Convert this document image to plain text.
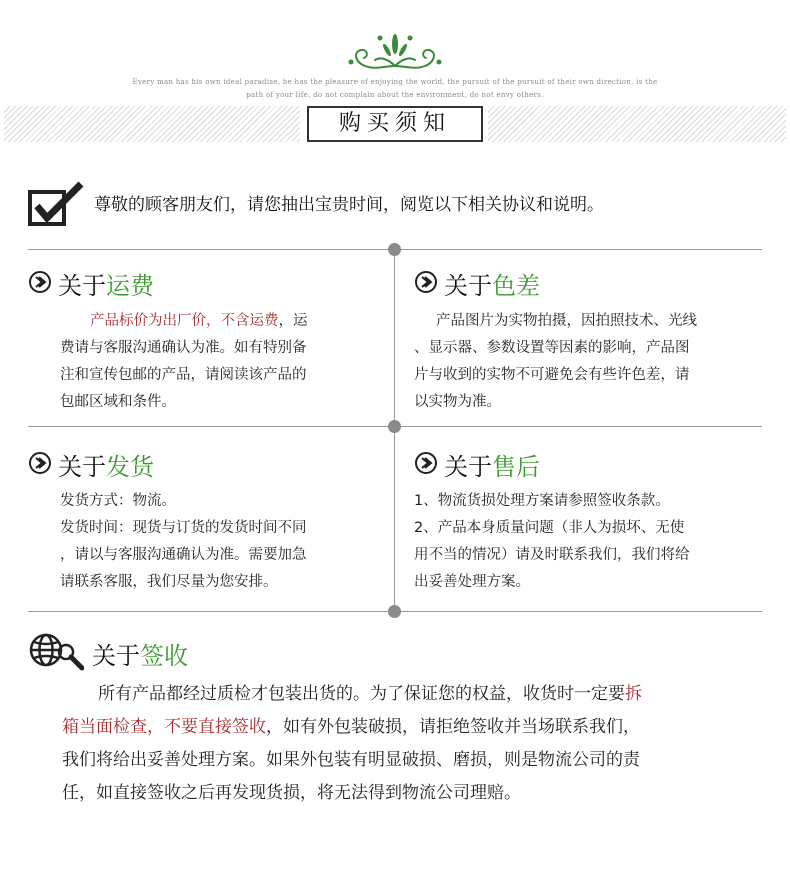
Every man has his own ideal paradise, he has the pleasure of enjoying the world, the pursuit of the pursuit of their own direction, is the
path of your life, do not complain about the environment, do not envy others.
购买须知
尊敬的顾客朋友们，请您抽出宝贵时间，阅览以下相关协议和说明。
关于运费

产品标价为出厂价，不含运费，运

费请与客服沟通确认为准。如有特别备

注和宣传包邮的产品，请阅读该产品的

包邮区域和条件。

关于色差

产品图片为实物拍摄，因拍照技术、光线

、显示器、参数设置等因素的影响，产品图

片与收到的实物不可避免会有些许色差，请

以实物为准。

关于发货

发货方式：物流。

发货时间：现货与订货的发货时间不同

，请以与客服沟通确认为准。需要加急

请联系客服，我们尽量为您安排。

关于售后

1、物流货损处理方案请参照签收条款。

2、产品本身质量问题（非人为损坏、无使

用不当的情况）请及时联系我们，我们将给

出妥善处理方案。

关于签收

所有产品都经过质检才包装出货的。为了保证您的权益，收货时一定要拆

箱当面检查，不要直接签收，如有外包装破损，请拒绝签收并当场联系我们，

我们将给出妥善处理方案。如果外包装有明显破损、磨损，则是物流公司的责

任，如直接签收之后再发现货损，将无法得到物流公司理赔。
